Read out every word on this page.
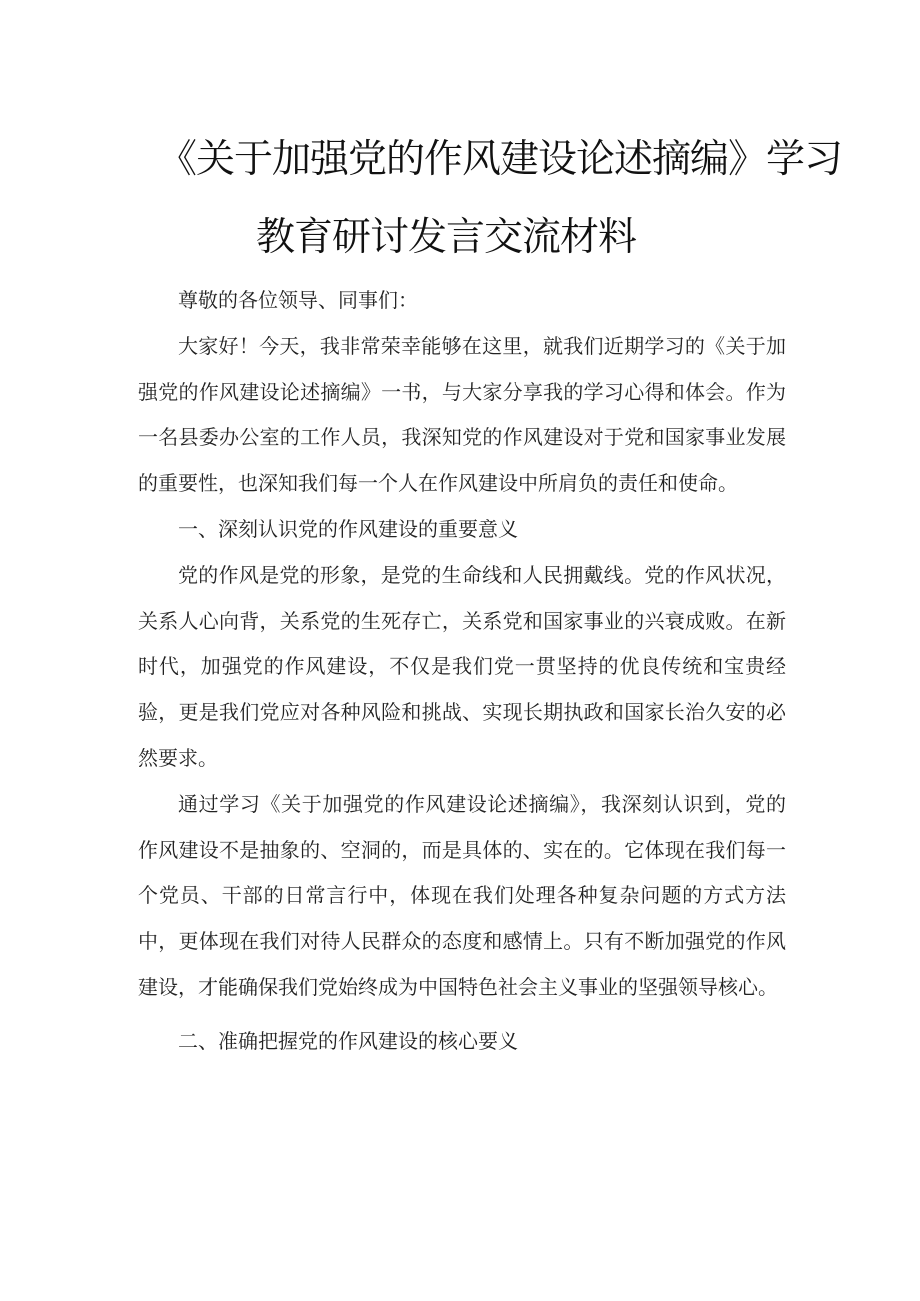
《关于加强党的作风建设论述摘编》学习
教育研讨发言交流材料

尊敬的各位领导、同事们：

大家好！今天，我非常荣幸能够在这里，就我们近期学习的《关于加强党的作风建设论述摘编》一书，与大家分享我的学习心得和体会。作为一名县委办公室的工作人员，我深知党的作风建设对于党和国家事业发展的重要性，也深知我们每一个人在作风建设中所肩负的责任和使命。

一、深刻认识党的作风建设的重要意义

党的作风是党的形象，是党的生命线和人民拥戴线。党的作风状况，关系人心向背，关系党的生死存亡，关系党和国家事业的兴衰成败。在新时代，加强党的作风建设，不仅是我们党一贯坚持的优良传统和宝贵经验，更是我们党应对各种风险和挑战、实现长期执政和国家长治久安的必然要求。

通过学习《关于加强党的作风建设论述摘编》，我深刻认识到，党的作风建设不是抽象的、空洞的，而是具体的、实在的。它体现在我们每一个党员、干部的日常言行中，体现在我们处理各种复杂问题的方式方法中，更体现在我们对待人民群众的态度和感情上。只有不断加强党的作风建设，才能确保我们党始终成为中国特色社会主义事业的坚强领导核心。

二、准确把握党的作风建设的核心要义
